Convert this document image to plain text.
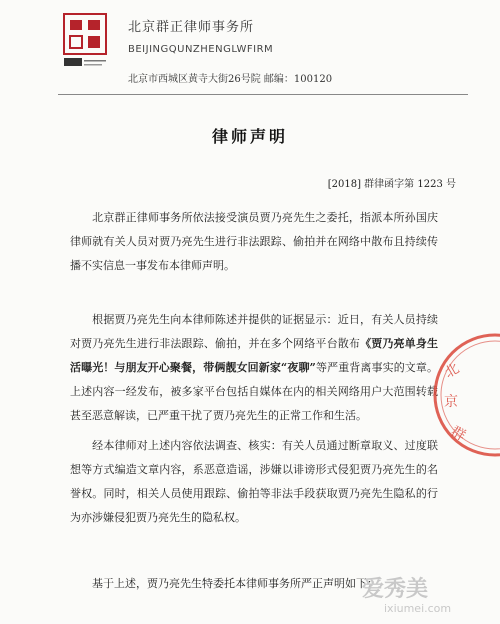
北京群正律师事务所
BEIJINGQUNZHENGLWFIRM
北京市西城区黄寺大街26号院 邮编：100120
律师声明
[2018] 群律函字第 1223 号
北京群正律师事务所依法接受演员贾乃亮先生之委托，指派本所孙国庆律师就有关人员对贾乃亮先生进行非法跟踪、偷拍并在网络中散布且持续传播不实信息一事发布本律师声明。
根据贾乃亮先生向本律师陈述并提供的证据显示：近日，有关人员持续对贾乃亮先生进行非法跟踪、偷拍，并在多个网络平台散布《贾乃亮单身生活曝光！与朋友开心聚餐，带俩靓女回新家“夜聊”等严重背离事实的文章。上述内容一经发布，被多家平台包括自媒体在内的相关网络用户大范围转载甚至恶意解读，已严重干扰了贾乃亮先生的正常工作和生活。
经本律师对上述内容依法调查、核实：有关人员通过断章取义、过度联想等方式编造文章内容，系恶意造谣，涉嫌以诽谤形式侵犯贾乃亮先生的名誉权。同时，相关人员使用跟踪、偷拍等非法手段获取贾乃亮先生隐私的行为亦涉嫌侵犯贾乃亮先生的隐私权。
基于上述，贾乃亮先生特委托本律师事务所严正声明如下：
北
京
群
爱秀美
ixiumei.com
